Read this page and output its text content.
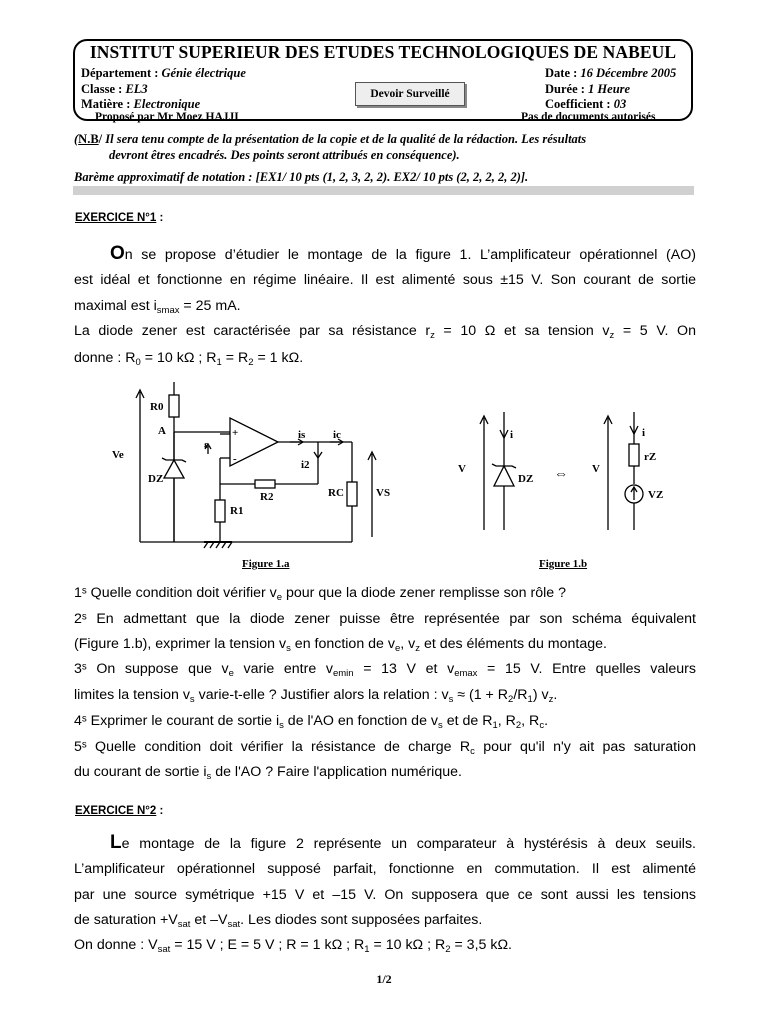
INSTITUT SUPERIEUR DES ETUDES TECHNOLOGIQUES DE NABEUL
Département : Génie électrique
Classe : EL3
Matière : Electronique
Proposé par Mr Moez HAJJI
Devoir Surveillé
Date : 16 Décembre 2005
Durée : 1 Heure
Coefficient : 03
Pas de documents autorisés
(N.B/ Il sera tenu compte de la présentation de la copie et de la qualité de la rédaction. Les résultats
devront êtres encadrés. Des points seront attribués en conséquence).
Barème approximatif de notation : [EX1/ 10 pts (1, 2, 3, 2, 2). EX2/ 10 pts (2, 2, 2, 2, 2)].
EXERCICE N°1 :
On se propose d’étudier le montage de la figure 1. L’amplificateur opérationnel (AO)
est idéal et fonctionne en régime linéaire. Il est alimenté sous ±15 V. Son courant de sortie
maximal est $i_{smax} = 25$ mA.
La diode zener est caractérisée par sa résistance $r_z = 10$ Ω et sa tension $v_z = 5$ V. On
donne : $R_0 = 10$ kΩ ; $R_1 = R_2 = 1$ kΩ.
R0
A
Ve
ε
+
-
is	ic
i2
DZ
RC	VS
R2
R1
Figure 1.a
i
V
DZ ⇔ V
i
rZ
VZ
Figure 1.b
1ˢ Quelle condition doit vérifier $v_e$ pour que la diode zener remplisse son rôle ?
2ˢ En admettant que la diode zener puisse être représentée par son schéma équivalent
(Figure 1.b), exprimer la tension $v_s$ en fonction de $v_e$, $v_z$ et des éléments du montage.
3ˢ On suppose que $v_e$ varie entre $v_{emin} = 13$ V et $v_{emax} = 15$ V. Entre quelles valeurs
limites la tension $v_s$ varie-t-elle ? Justifier alors la relation : $v_s \approx (1 + R_2/R_1)$ $v_z$.
4ˢ Exprimer le courant de sortie $i_s$ de l'AO en fonction de $v_s$ et de $R_1$, $R_2$, $R_c$.
5ˢ Quelle condition doit vérifier la résistance de charge $R_c$ pour qu'il n'y ait pas saturation
du courant de sortie $i_s$ de l'AO ? Faire l'application numérique.
EXERCICE N°2 :
Le montage de la figure 2 représente un comparateur à hystérésis à deux seuils.
L’amplificateur opérationnel supposé parfait, fonctionne en commutation. Il est alimenté
par une source symétrique +15 V et –15 V. On supposera que ce sont aussi les tensions
de saturation $+V_{sat}$ et $-V_{sat}$. Les diodes sont supposées parfaites.
On donne : $V_{sat} = 15$ V ; E = 5 V ; R = 1 kΩ ; $R_1 = 10$ kΩ ; $R_2 = 3,5$ kΩ.
1/2
